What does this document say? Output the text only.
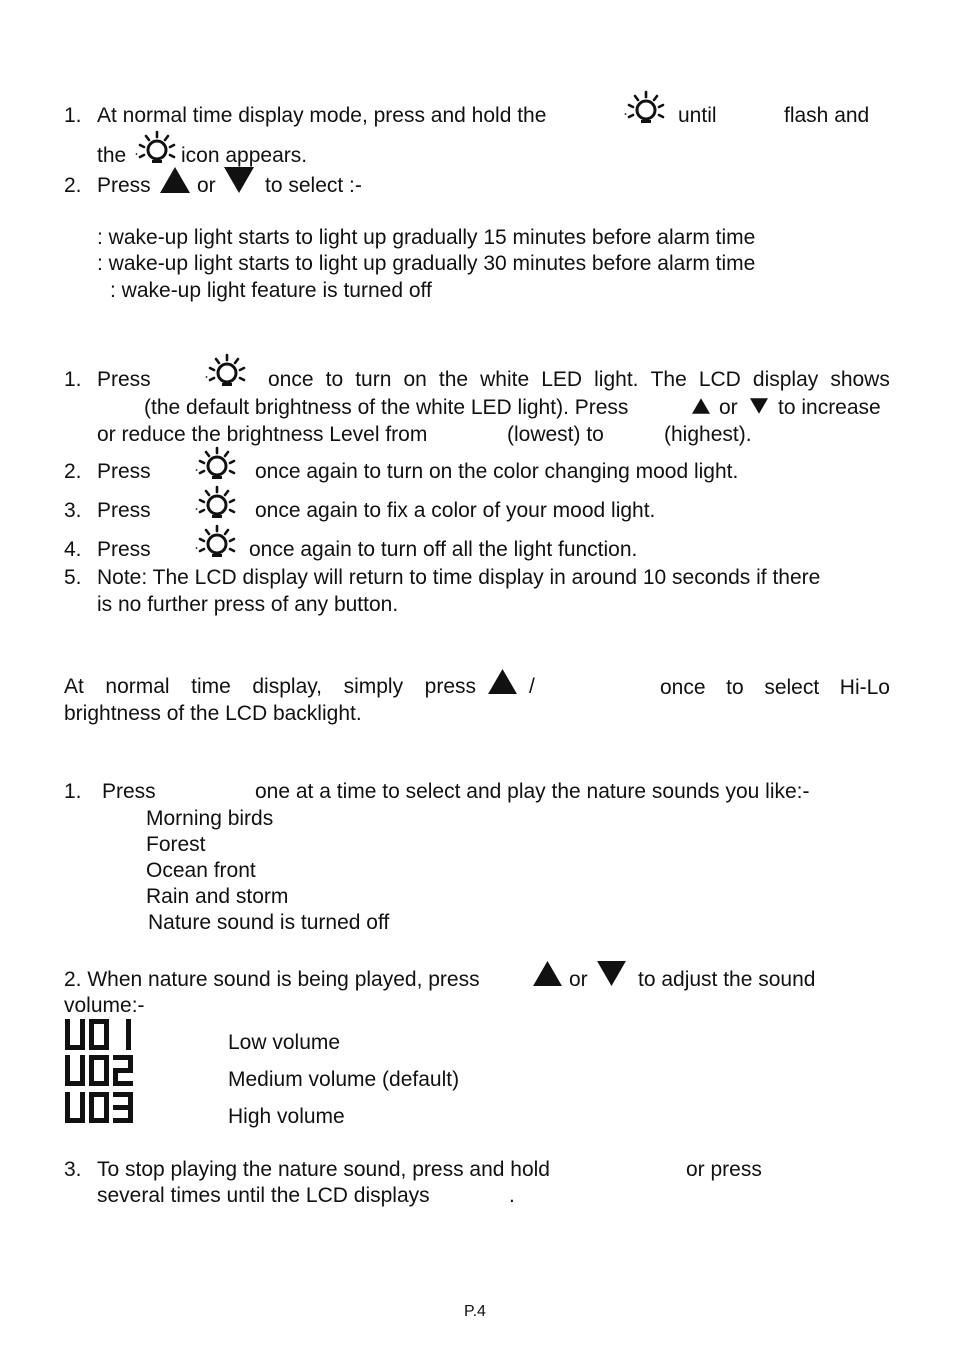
1. At normal time display mode, press and hold the	until	flash and
the	icon appears.
2. Press or to select :-
: wake-up light starts to light up gradually 15 minutes before alarm time
: wake-up light starts to light up gradually 30 minutes before alarm time
: wake-up light feature is turned off
1. Press	once to turn on the white LED light. The LCD display shows
(the default brightness of the white LED light). Press	or to increase
or reduce the brightness Level from	(lowest) to	(highest).
2. Press	once again to turn on the color changing mood light.
3. Press	once again to fix a color of your mood light.
4. Press	once again to turn off all the light function.
5. Note: The LCD display will return to time display in around 10 seconds if there
is no further press of any button.
At normal time display, simply press	/	once to select Hi-Lo
brightness of the LCD backlight.
1. Press	one at a time to select and play the nature sounds you like:-
Morning birds
Forest
Ocean front
Rain and storm
Nature sound is turned off
2. When nature sound is being played, press	or to adjust the sound
volume:-
Low volume
Medium volume (default)
High volume
3. To stop playing the nature sound, press and hold	or press
several times until the LCD displays	.
P.4
